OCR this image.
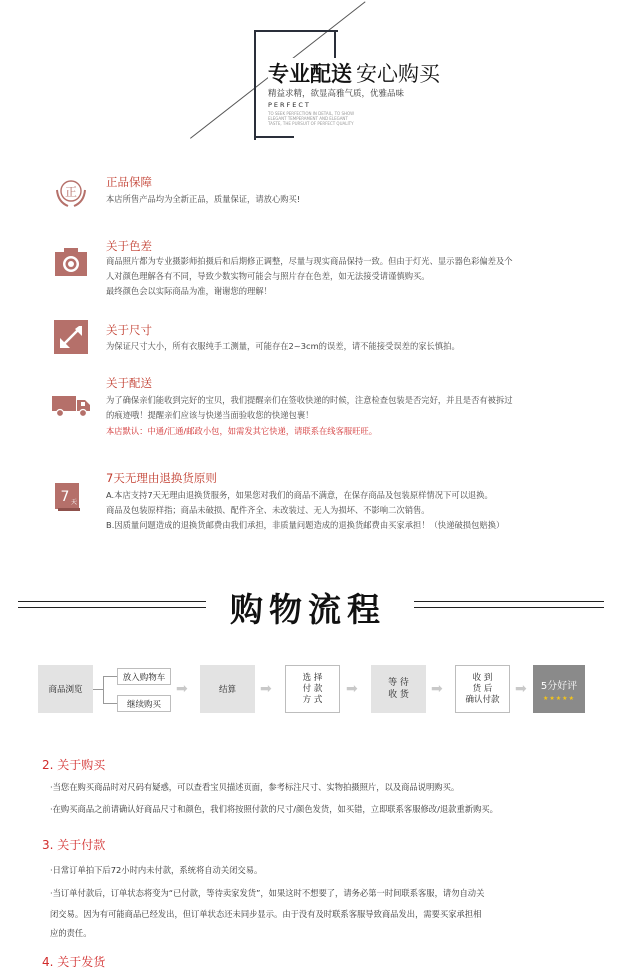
专业配送 安心购买
精益求精，欲显高雅气质，优雅品味
PERFECT
TO SEEK PERFECTION IN DETAIL, TO SHOW ELEGANT TEMPERAMENT AND ELEGANT TASTE, THE PURSUIT OF PERFECT QUALITY
正
正品保障
本店所售产品均为全新正品，质量保证，请放心购买!
关于色差
商品照片都为专业摄影师拍摄后和后期修正调整，尽量与现实商品保持一致。但由于灯光、显示器色彩偏差及个
人对颜色理解各有不同，导致少数实物可能会与照片存在色差，如无法接受请谨慎购买。
最终颜色会以实际商品为准，谢谢您的理解！
关于尺寸
为保证尺寸大小，所有衣服纯手工测量，可能存在2~3cm的误差，请不能接受误差的家长慎拍。
关于配送
为了确保亲们能收到完好的宝贝，我们提醒亲们在签收快递的时候，注意检查包装是否完好，并且是否有被拆过
的痕迹哦！提醒亲们应该与快递当面验收您的快递包裹！
本店默认：中通/汇通/邮政小包，如需发其它快递，请联系在线客服旺旺。
7 天
7天无理由退换货原则
A.本店支持7天无理由退换货服务，如果您对我们的商品不满意，在保存商品及包装原样情况下可以退换。
商品及包装原样指；商品未破损、配件齐全、未改装过、无人为损坏、不影响二次销售。
B.因质量问题造成的退换货邮费由我们承担，非质量问题造成的退换货邮费由买家承担！（快递破损包赔换）
购物流程
商品浏览
放入购物车
继续购买
➡	结算	➡
选 择
付 款
方 式
➡	等 待
收 货	➡
收 到
货 后
确认付款
➡ 5分好评
★★★★★
2. 关于购买
·当您在购买商品时对尺码有疑惑，可以查看宝贝描述页面，参考标注尺寸、实物拍摄照片，以及商品说明购买。
·在购买商品之前请确认好商品尺寸和颜色，我们将按照付款的尺寸/颜色发货，如买错，立即联系客服修改/退款重新购买。
3. 关于付款
·日常订单拍下后72小时内未付款，系统将自动关闭交易。
·当订单付款后，订单状态将变为“已付款，等待卖家发货”，如果这时不想要了，请务必第一时间联系客服，请勿自动关
闭交易。因为有可能商品已经发出，但订单状态还未同步显示。由于没有及时联系客服导致商品发出，需要买家承担相
应的责任。
4. 关于发货
